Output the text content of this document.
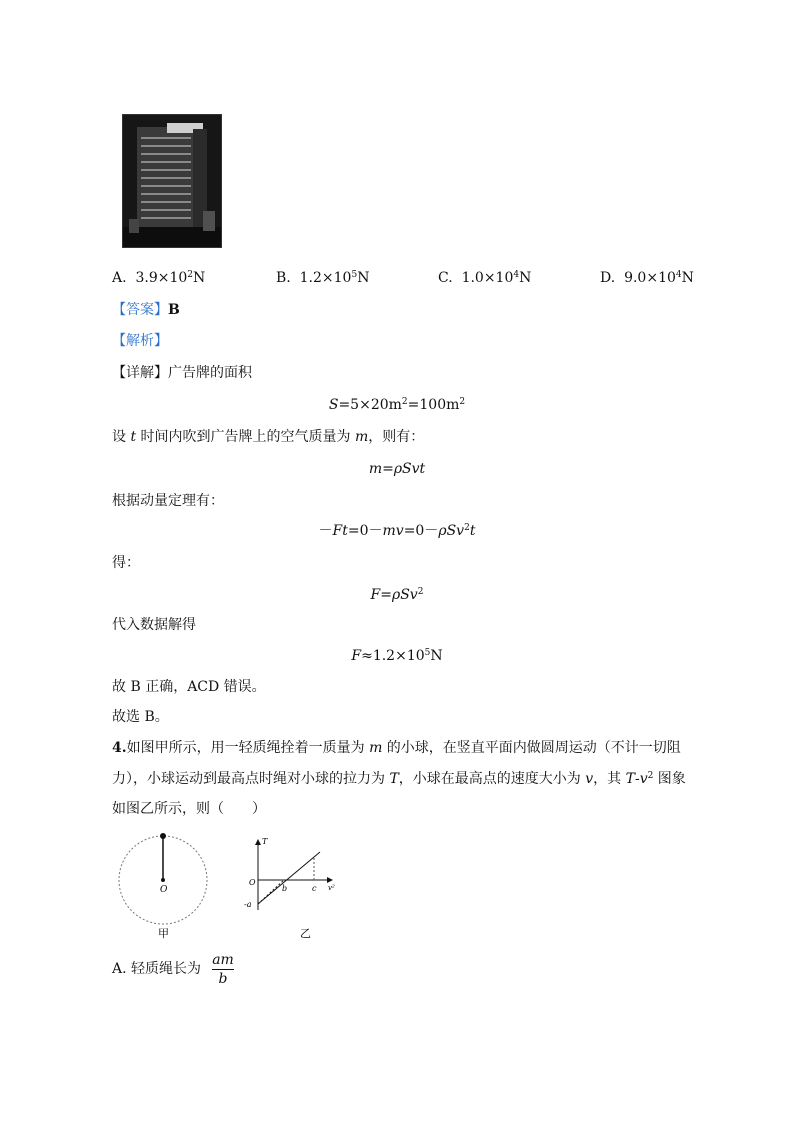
A.  $3.9\times 10^2N$	B.  $1.2\times 10^5N$	C.  $1.0\times 10^4N$	D.  $9.0\times 10^4N$
【答案】B
【解析】
【详解】广告牌的面积
$S=5\times 20m^2=100m^2$
设 t 时间内吹到广告牌上的空气质量为 m，则有：
m=ρSvt
根据动量定理有：
－Ft=0－mv=0－ρSv$^2$t
得：
F=ρSv$^2$
代入数据解得
$F\approx 1.2\times 10^5N$
故 B 正确，ACD 错误。
故选 B。
4.如图甲所示，用一轻质绳拴着一质量为 m 的小球，在竖直平面内做圆周运动（不计一切阻
力），小球运动到最高点时绳对小球的拉力为 T，小球在最高点的速度大小为 v，其 $T-v^2$ 图象
如图乙所示，则（　　）
O
甲
T
v²
O
b	c
-a
乙
A. 轻质绳长为
am
b
